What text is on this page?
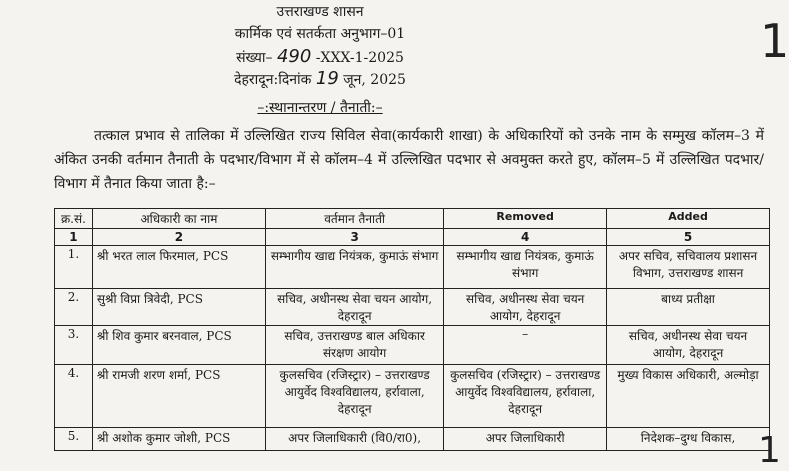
उत्तराखण्ड शासन
कार्मिक एवं सतर्कता अनुभाग–01
संख्या– 490 -XXX-1-2025
देहरादून:दिनांक 19 जून, 2025
1
1
–:स्थानान्तरण / तैनाती:–
तत्काल प्रभाव से तालिका में उल्लिखित राज्य सिविल सेवा(कार्यकारी शाखा) के अधिकारियों को उनके नाम के सम्मुख कॉलम–3 में अंकित उनकी वर्तमान तैनाती के पदभार/विभाग में से कॉलम–4 में उल्लिखित पदभार से अवमुक्त करते हुए, कॉलम–5 में उल्लिखित पदभार/विभाग में तैनात किया जाता है:–
क्र.सं.	अधिकारी का नाम	वर्तमान तैनाती	Removed	Added
1	2	3	4	5
1.	श्री भरत लाल फिरमाल, PCS	सम्भागीय खाद्य नियंत्रक, कुमाऊं संभाग	सम्भागीय खाद्य नियंत्रक, कुमाऊं संभाग	अपर सचिव, सचिवालय प्रशासन विभाग, उत्तराखण्ड शासन
2.	सुश्री विप्रा त्रिवेदी, PCS	सचिव, अधीनस्थ सेवा चयन आयोग, देहरादून	सचिव, अधीनस्थ सेवा चयन आयोग, देहरादून	बाध्य प्रतीक्षा
3.	श्री शिव कुमार बरनवाल, PCS	सचिव, उत्तराखण्ड बाल अधिकार संरक्षण आयोग	–	सचिव, अधीनस्थ सेवा चयन आयोग, देहरादून
4.	श्री रामजी शरण शर्मा, PCS	कुलसचिव (रजिस्ट्रार) – उत्तराखण्ड आयुर्वेद विश्वविद्यालय, हर्रावाला, देहरादून	कुलसचिव (रजिस्ट्रार) – उत्तराखण्ड आयुर्वेद विश्वविद्यालय, हर्रावाला, देहरादून	मुख्य विकास अधिकारी, अल्मोड़ा
5.	श्री अशोक कुमार जोशी, PCS	अपर जिलाधिकारी (वि0/रा0),	अपर जिलाधिकारी	निदेशक–दुग्ध विकास,
